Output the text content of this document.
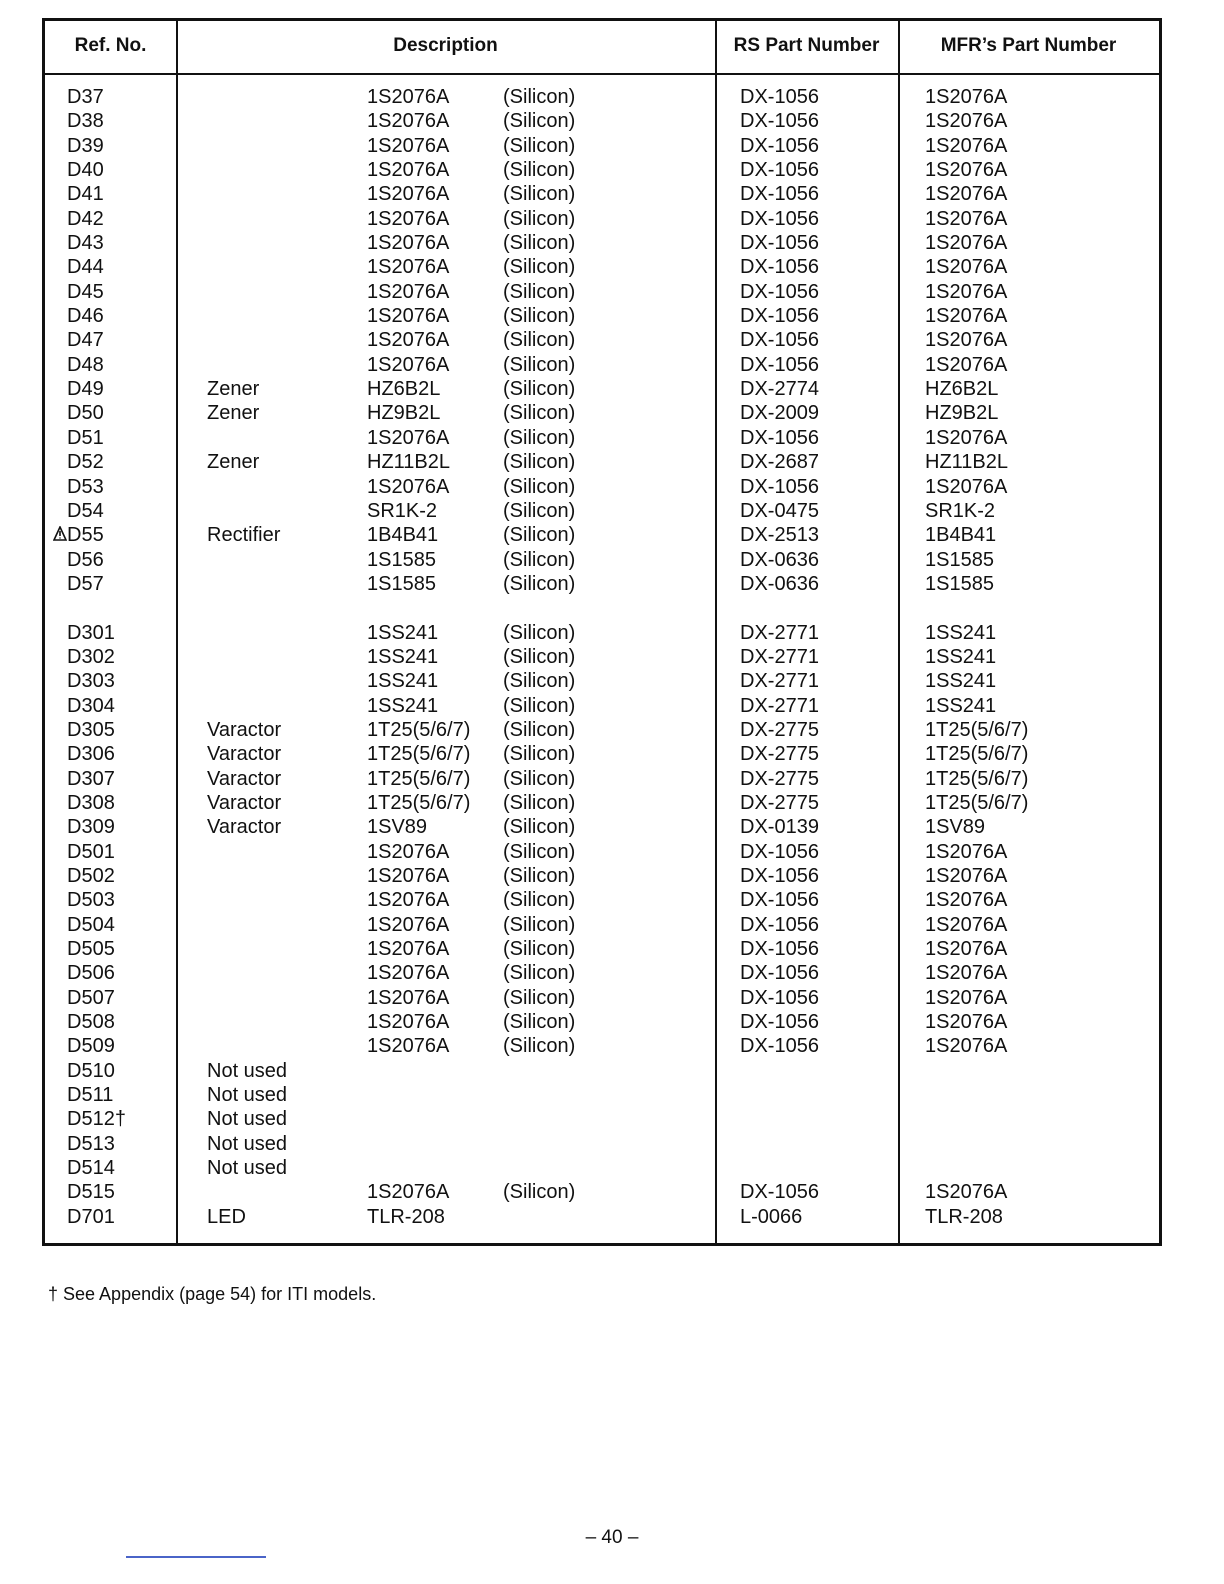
Ref. No.	Description	RS Part Number	MFR’s Part Number
D37	1S2076A	(Silicon)	DX-1056	1S2076A
D38	1S2076A	(Silicon)	DX-1056	1S2076A
D39	1S2076A	(Silicon)	DX-1056	1S2076A
D40	1S2076A	(Silicon)	DX-1056	1S2076A
D41	1S2076A	(Silicon)	DX-1056	1S2076A
D42	1S2076A	(Silicon)	DX-1056	1S2076A
D43	1S2076A	(Silicon)	DX-1056	1S2076A
D44	1S2076A	(Silicon)	DX-1056	1S2076A
D45	1S2076A	(Silicon)	DX-1056	1S2076A
D46	1S2076A	(Silicon)	DX-1056	1S2076A
D47	1S2076A	(Silicon)	DX-1056	1S2076A
D48	1S2076A	(Silicon)	DX-1056	1S2076A
D49	Zener	HZ6B2L	(Silicon)	DX-2774	HZ6B2L
D50	Zener	HZ9B2L	(Silicon)	DX-2009	HZ9B2L
D51	1S2076A	(Silicon)	DX-1056	1S2076A
D52	Zener	HZ11B2L	(Silicon)	DX-2687	HZ11B2L
D53	1S2076A	(Silicon)	DX-1056	1S2076A
D54	SR1K-2	(Silicon)	DX-0475	SR1K-2
D55	Rectifier	1B4B41	(Silicon)	DX-2513	1B4B41
D56	1S1585	(Silicon)	DX-0636	1S1585
D57	1S1585	(Silicon)	DX-0636	1S1585
D301	1SS241	(Silicon)	DX-2771	1SS241
D302	1SS241	(Silicon)	DX-2771	1SS241
D303	1SS241	(Silicon)	DX-2771	1SS241
D304	1SS241	(Silicon)	DX-2771	1SS241
D305	Varactor	1T25(5/6/7) (Silicon)	DX-2775	1T25(5/6/7)
D306	Varactor	1T25(5/6/7) (Silicon)	DX-2775	1T25(5/6/7)
D307	Varactor	1T25(5/6/7) (Silicon)	DX-2775	1T25(5/6/7)
D308	Varactor	1T25(5/6/7) (Silicon)	DX-2775	1T25(5/6/7)
D309	Varactor	1SV89	(Silicon)	DX-0139	1SV89
D501	1S2076A	(Silicon)	DX-1056	1S2076A
D502	1S2076A	(Silicon)	DX-1056	1S2076A
D503	1S2076A	(Silicon)	DX-1056	1S2076A
D504	1S2076A	(Silicon)	DX-1056	1S2076A
D505	1S2076A	(Silicon)	DX-1056	1S2076A
D506	1S2076A	(Silicon)	DX-1056	1S2076A
D507	1S2076A	(Silicon)	DX-1056	1S2076A
D508	1S2076A	(Silicon)	DX-1056	1S2076A
D509	1S2076A	(Silicon)	DX-1056	1S2076A
D510	Not used
D511	Not used
D512†	Not used
D513	Not used
D514	Not used
D515	1S2076A	(Silicon)	DX-1056	1S2076A
D701	LED	TLR-208	L-0066	TLR-208
† See Appendix (page 54) for ITI models.
– 40 –
